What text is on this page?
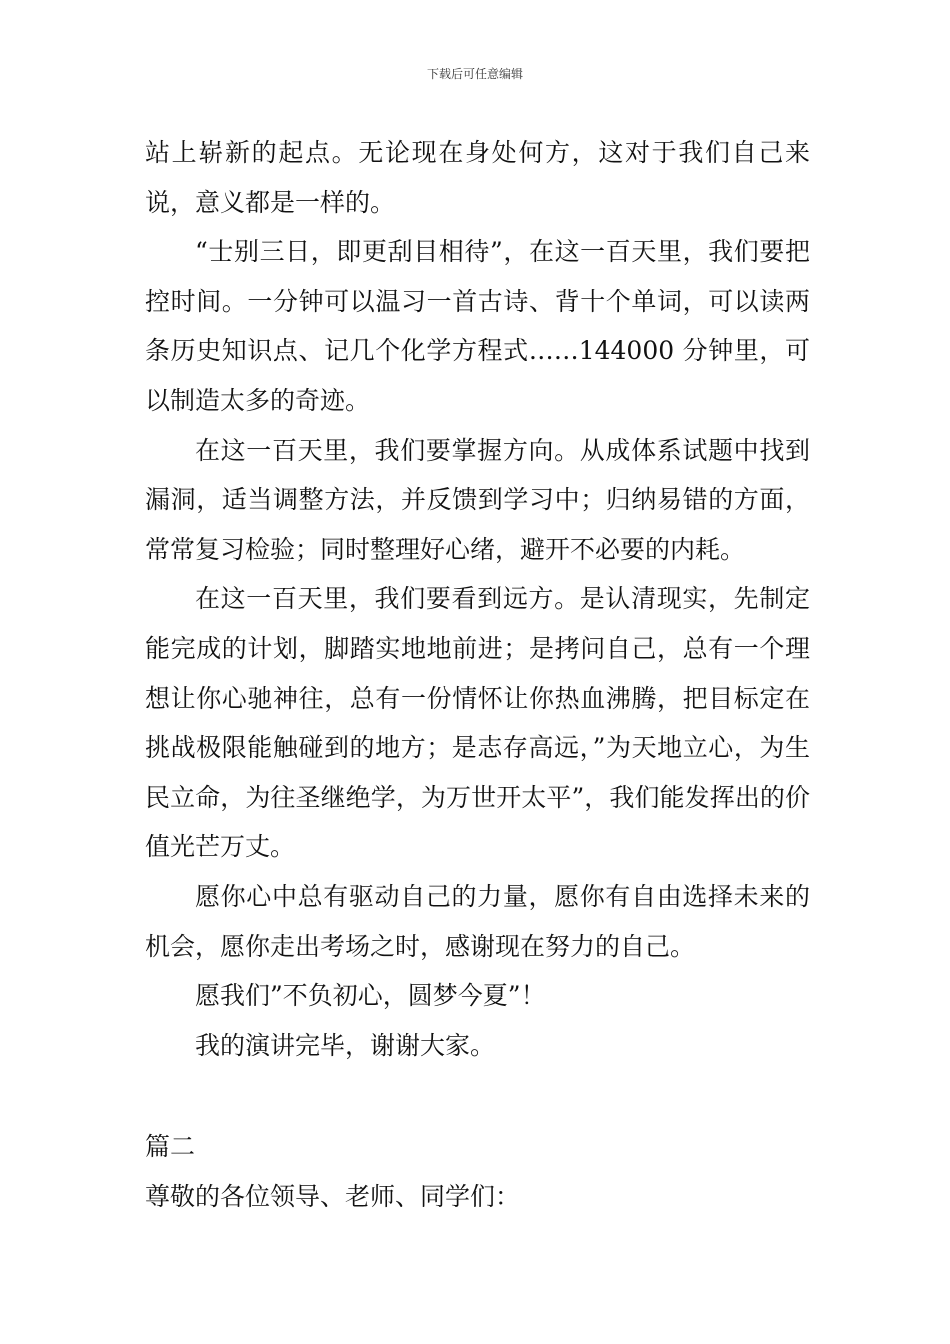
下载后可任意编辑

站上崭新的起点。无论现在身处何方，这对于我们自己来说，意义都是一样的。

“士别三日，即更刮目相待”，在这一百天里，我们要把控时间。一分钟可以温习一首古诗、背十个单词，可以读两条历史知识点、记几个化学方程式……144000 分钟里，可以制造太多的奇迹。

在这一百天里，我们要掌握方向。从成体系试题中找到漏洞，适当调整方法，并反馈到学习中；归纳易错的方面，常常复习检验；同时整理好心绪，避开不必要的内耗。

在这一百天里，我们要看到远方。是认清现实，先制定能完成的计划，脚踏实地地前进；是拷问自己，总有一个理想让你心驰神往，总有一份情怀让你热血沸腾，把目标定在挑战极限能触碰到的地方；是志存高远，”为天地立心，为生民立命，为往圣继绝学，为万世开太平”，我们能发挥出的价值光芒万丈。

愿你心中总有驱动自己的力量，愿你有自由选择未来的机会，愿你走出考场之时，感谢现在努力的自己。

愿我们”不负初心，圆梦今夏”！

我的演讲完毕，谢谢大家。

篇二

尊敬的各位领导、老师、同学们：
